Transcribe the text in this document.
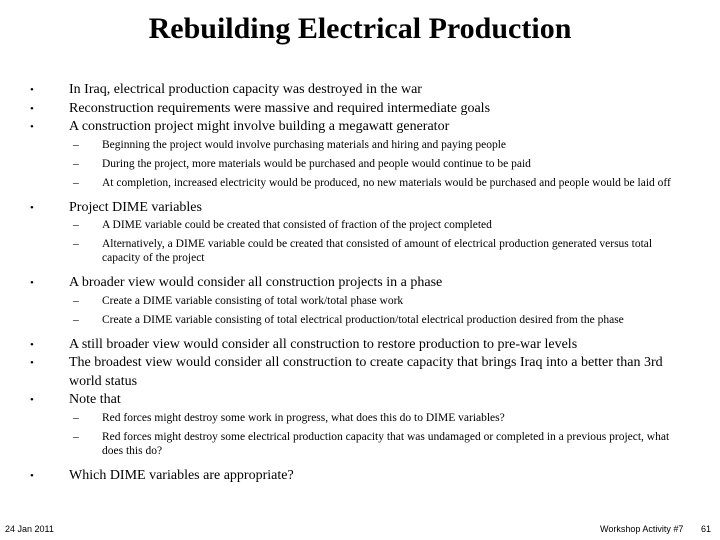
Rebuilding Electrical Production
•	In Iraq, electrical production capacity was destroyed in the war
•	Reconstruction requirements were massive and required intermediate goals
•	A construction project might involve building a megawatt generator
– Beginning the project would involve purchasing materials and hiring and paying people
– During the project, more materials would be purchased and people would continue to be paid
– At completion, increased electricity would be produced, no new materials would be purchased and people would be laid off
•	Project DIME variables
– A DIME variable could be created that consisted of fraction of the project completed
– Alternatively, a DIME variable could be created that consisted of amount of electrical production generated versus total capacity of the project
•	A broader view would consider all construction projects in a phase
– Create a DIME variable consisting of total work/total phase work
– Create a DIME variable consisting of total electrical production/total electrical production desired from the phase
•	A still broader view would consider all construction to restore production to pre-war levels
•	The broadest view would consider all construction to create capacity that brings Iraq into a better than 3rd world status
•	Note that
– Red forces might destroy some work in progress, what does this do to DIME variables?
– Red forces might destroy some electrical production capacity that was undamaged or completed in a previous project, what does this do?
•	Which DIME variables are appropriate?
24 Jan 2011	Workshop Activity #7 61
